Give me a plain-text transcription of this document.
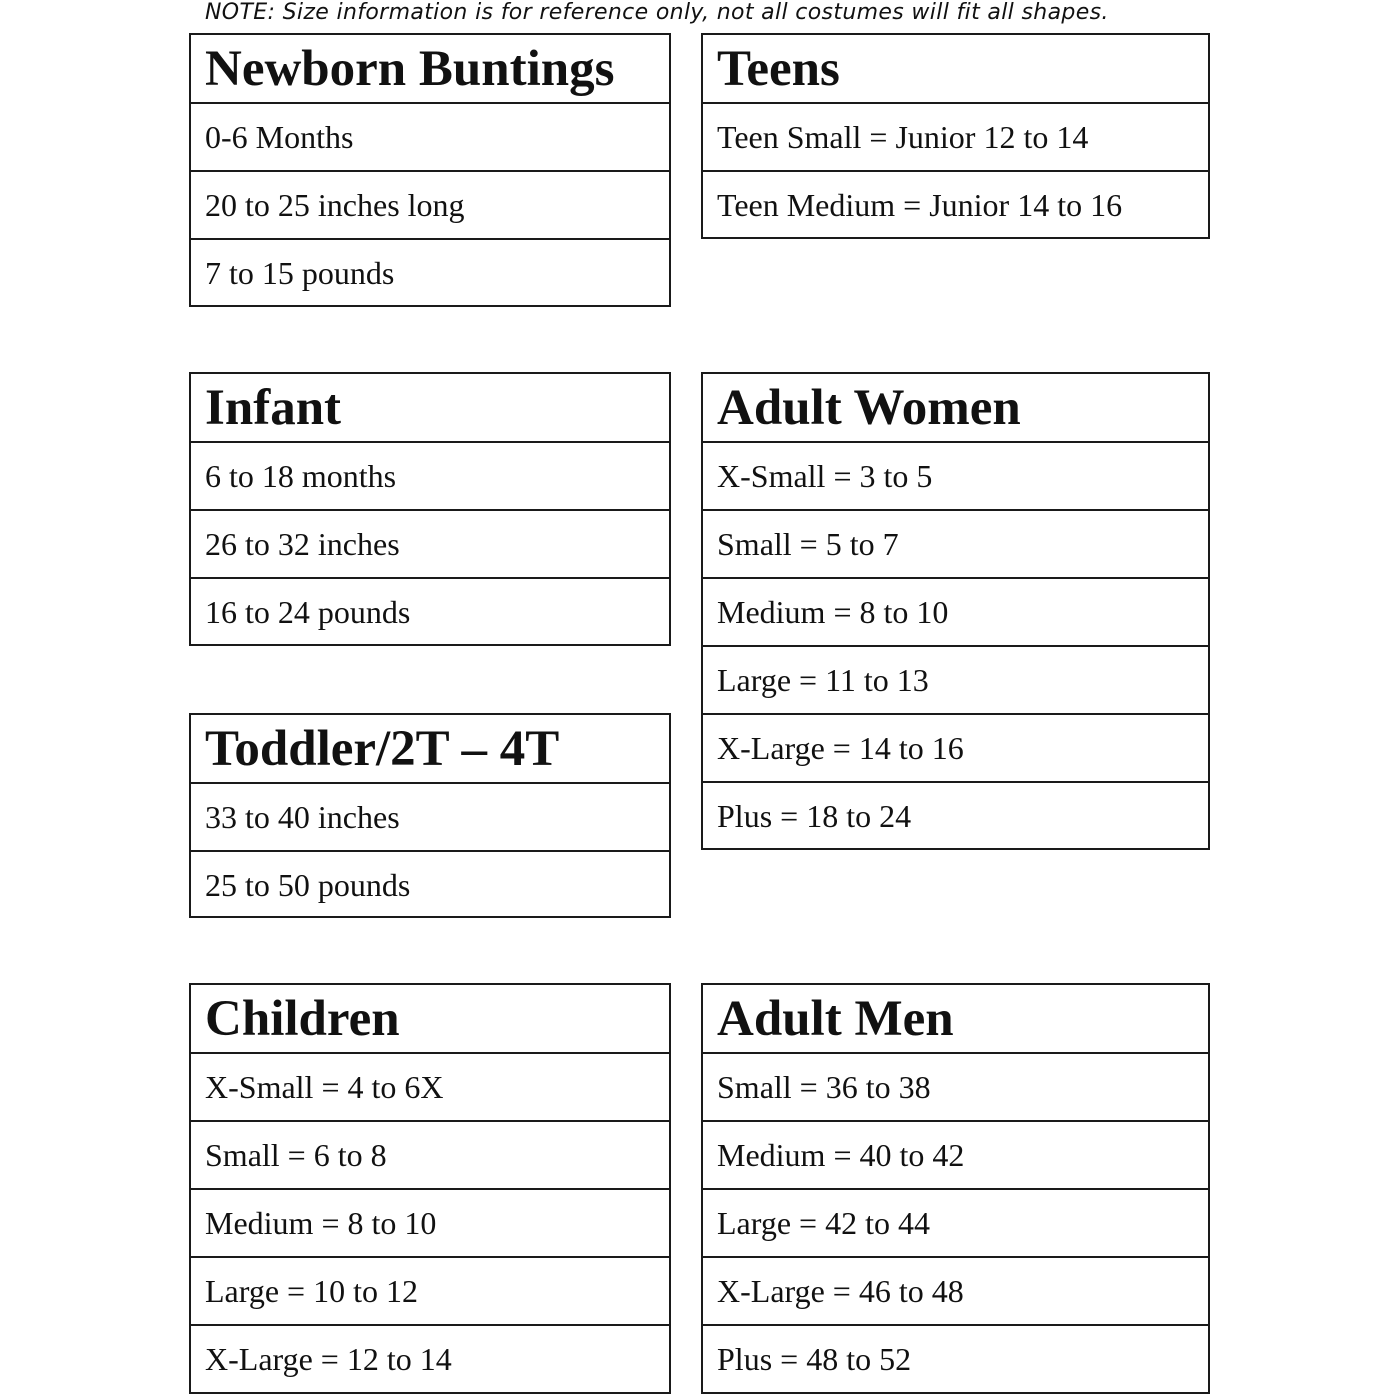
NOTE: Size information is for reference only, not all costumes will fit all shapes.
Newborn Buntings
0-6 Months
20 to 25 inches long
7 to 15 pounds
Teens
Teen Small = Junior 12 to 14
Teen Medium = Junior 14 to 16
Infant
6 to 18 months
26 to 32 inches
16 to 24 pounds
Adult Women
X-Small = 3 to 5
Small = 5 to 7
Medium = 8 to 10
Large = 11 to 13
X-Large = 14 to 16
Plus = 18 to 24
Toddler/2T – 4T
33 to 40 inches
25 to 50 pounds
Children
X-Small = 4 to 6X
Small = 6 to 8
Medium = 8 to 10
Large = 10 to 12
X-Large = 12 to 14
Adult Men
Small = 36 to 38
Medium = 40 to 42
Large = 42 to 44
X-Large = 46 to 48
Plus = 48 to 52
